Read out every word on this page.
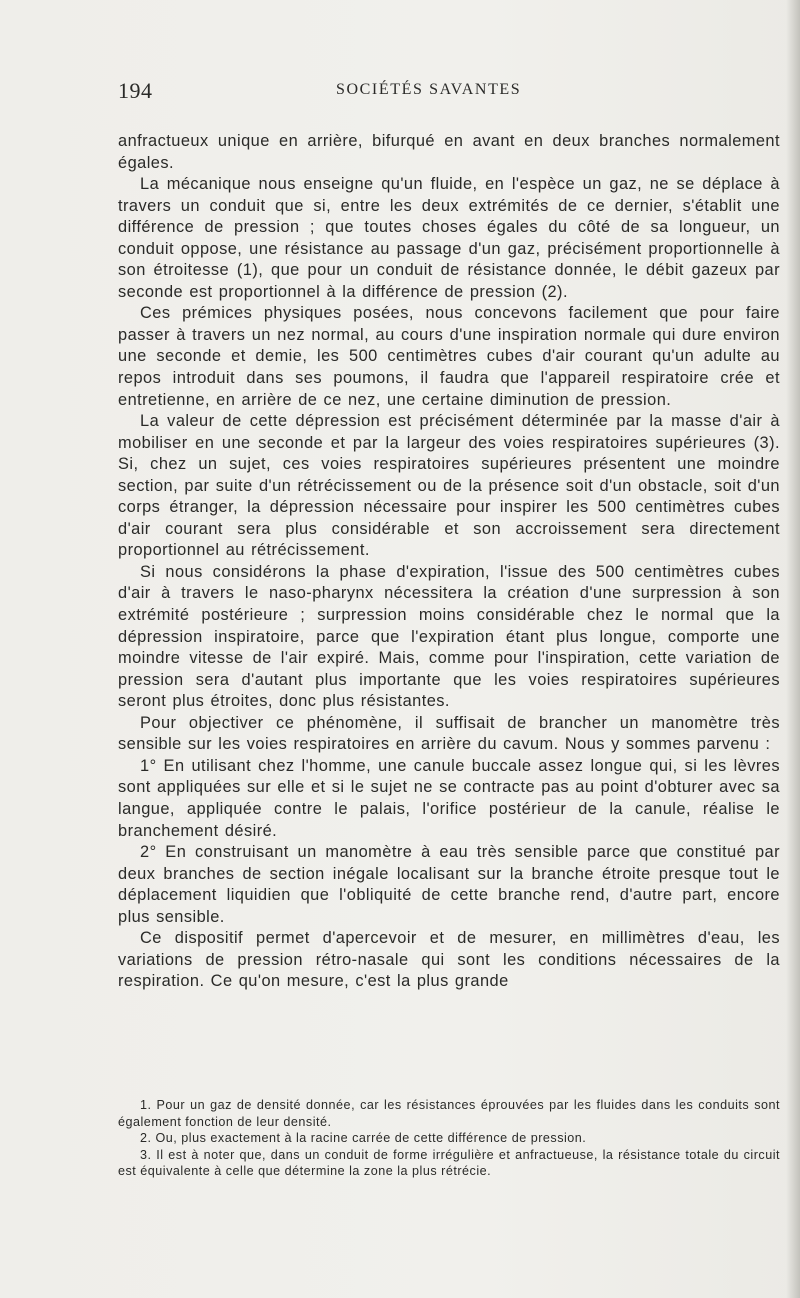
194	SOCIÉTÉS SAVANTES

anfractueux unique en arrière, bifurqué en avant en deux branches normalement égales.

La mécanique nous enseigne qu'un fluide, en l'espèce un gaz, ne se déplace à travers un conduit que si, entre les deux extrémités de ce dernier, s'établit une différence de pression ; que toutes choses égales du côté de sa longueur, un conduit oppose, une résistance au passage d'un gaz, précisément proportionnelle à son étroitesse (1), que pour un conduit de résistance donnée, le débit gazeux par seconde est proportionnel à la différence de pression (2).

Ces prémices physiques posées, nous concevons facilement que pour faire passer à travers un nez normal, au cours d'une inspiration normale qui dure environ une seconde et demie, les 500 centimètres cubes d'air courant qu'un adulte au repos introduit dans ses poumons, il faudra que l'appareil respiratoire crée et entretienne, en arrière de ce nez, une certaine diminution de pression.

La valeur de cette dépression est précisément déterminée par la masse d'air à mobiliser en une seconde et par la largeur des voies respiratoires supérieures (3). Si, chez un sujet, ces voies respiratoires supérieures présentent une moindre section, par suite d'un rétrécissement ou de la présence soit d'un obstacle, soit d'un corps étranger, la dépression nécessaire pour inspirer les 500 centimètres cubes d'air courant sera plus considérable et son accroissement sera directement proportionnel au rétrécissement.

Si nous considérons la phase d'expiration, l'issue des 500 centimètres cubes d'air à travers le naso-pharynx nécessitera la création d'une surpression à son extrémité postérieure ; surpression moins considérable chez le normal que la dépression inspiratoire, parce que l'expiration étant plus longue, comporte une moindre vitesse de l'air expiré. Mais, comme pour l'inspiration, cette variation de pression sera d'autant plus importante que les voies respiratoires supérieures seront plus étroites, donc plus résistantes.

Pour objectiver ce phénomène, il suffisait de brancher un manomètre très sensible sur les voies respiratoires en arrière du cavum. Nous y sommes parvenu :

1° En utilisant chez l'homme, une canule buccale assez longue qui, si les lèvres sont appliquées sur elle et si le sujet ne se contracte pas au point d'obturer avec sa langue, appliquée contre le palais, l'orifice postérieur de la canule, réalise le branchement désiré.

2° En construisant un manomètre à eau très sensible parce que constitué par deux branches de section inégale localisant sur la branche étroite presque tout le déplacement liquidien que l'obliquité de cette branche rend, d'autre part, encore plus sensible.

Ce dispositif permet d'apercevoir et de mesurer, en millimètres d'eau, les variations de pression rétro-nasale qui sont les conditions nécessaires de la respiration. Ce qu'on mesure, c'est la plus grande

1. Pour un gaz de densité donnée, car les résistances éprouvées par les fluides dans les conduits sont également fonction de leur densité.

2. Ou, plus exactement à la racine carrée de cette différence de pression.

3. Il est à noter que, dans un conduit de forme irrégulière et anfractueuse, la résistance totale du circuit est équivalente à celle que détermine la zone la plus rétrécie.
